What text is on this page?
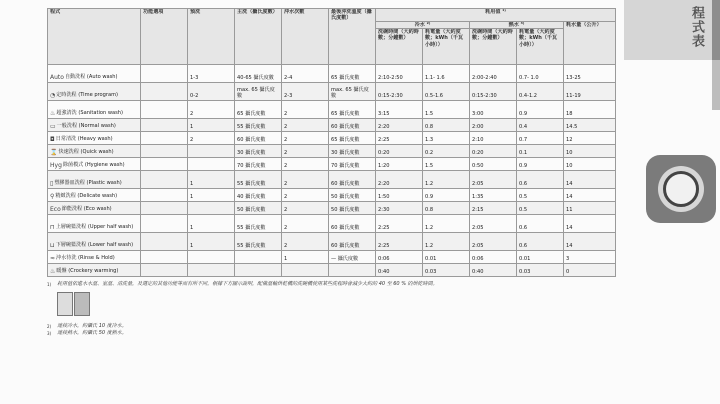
程式	功能選項	預洗	主洗（攝氏度數）	沖水次數	最後沖洗溫度（攝氏度數）	耗用值 ¹⁾				
						冷水 ²⁾		熱水 ³⁾		耗水量（公升）
						洗碗時間（大約時數；分鐘數）	耗電量（大約度數；kWh（千瓦小時））	洗碗時間（大約時數；分鐘數）	耗電量（大約度數；kWh（千瓦小時））	
Auto自動洗程 (Auto wash)		1-3	40-65 攝氏度數	2-4	65 攝氏度數	2:10-2:50	1.1- 1.6	2:00-2:40	0.7- 1.0	13-25
◔定時洗程 (Time program)		0-2	max. 65 攝氏度數	2-3	max. 65 攝氏度數	0:15-2:30	0.5-1.6	0:15-2:30	0.4-1.2	11-19
♨超強清洗 (Sanitation wash)		2	65 攝氏度數	2	65 攝氏度數	3:15	1.5	3:00	0.9	18
▭一般洗程 (Normal wash)		1	55 攝氏度數	2	60 攝氏度數	2:20	0.8	2:00	0.4	14.5
◘日常清洗 (Heavy wash)		2	60 攝氏度數	2	65 攝氏度數	2:25	1.3	2:10	0.7	12
⌛快速洗程 (Quick wash)			30 攝氏度數	2	30 攝氏度數	0:20	0.2	0:20	0.1	10
Hyg除菌模式 (Hygiene wash)			70 攝氏度數	2	70 攝氏度數	1:20	1.5	0:50	0.9	10
▯塑膠器皿洗程 (Plastic wash)		1	55 攝氏度數	2	60 攝氏度數	2:20	1.2	2:05	0.6	14
⚲精緻洗程 (Delicate wash)		1	40 攝氏度數	2	50 攝氏度數	1:50	0.9	1:35	0.5	14
Eco節能洗程 (Eco wash)			50 攝氏度數	2	50 攝氏度數	2:30	0.8	2:15	0.5	11
⊓上層碗籃洗程 (Upper half wash)		1	55 攝氏度數	2	60 攝氏度數	2:25	1.2	2:05	0.6	14
⊔下層碗籃洗程 (Lower half wash)		1	55 攝氏度數	2	60 攝氏度數	2:25	1.2	2:05	0.6	14
≈沖水待洗 (Rinse & Hold)				1	— 攝氏度數	0:06	0.01	0:06	0.01	3
♨暖盤 (Crockery warming)						0:40	0.03	0:40	0.03	0
$^{1)}$ 耗用值依進水水溫、室溫、清洗量，及選定的其他功能等而有所不同。根據下方圖示說明，配備溫輸烘乾機的洗碗機使用某些洗程時會減少大約的 40 至 60 % 的烘乾時間。
$^{2)}$ 連接冷水，約攝氏 10 度冷水。
$^{3)}$ 連接熱水，約攝氏 50 度熱水。
程式表
